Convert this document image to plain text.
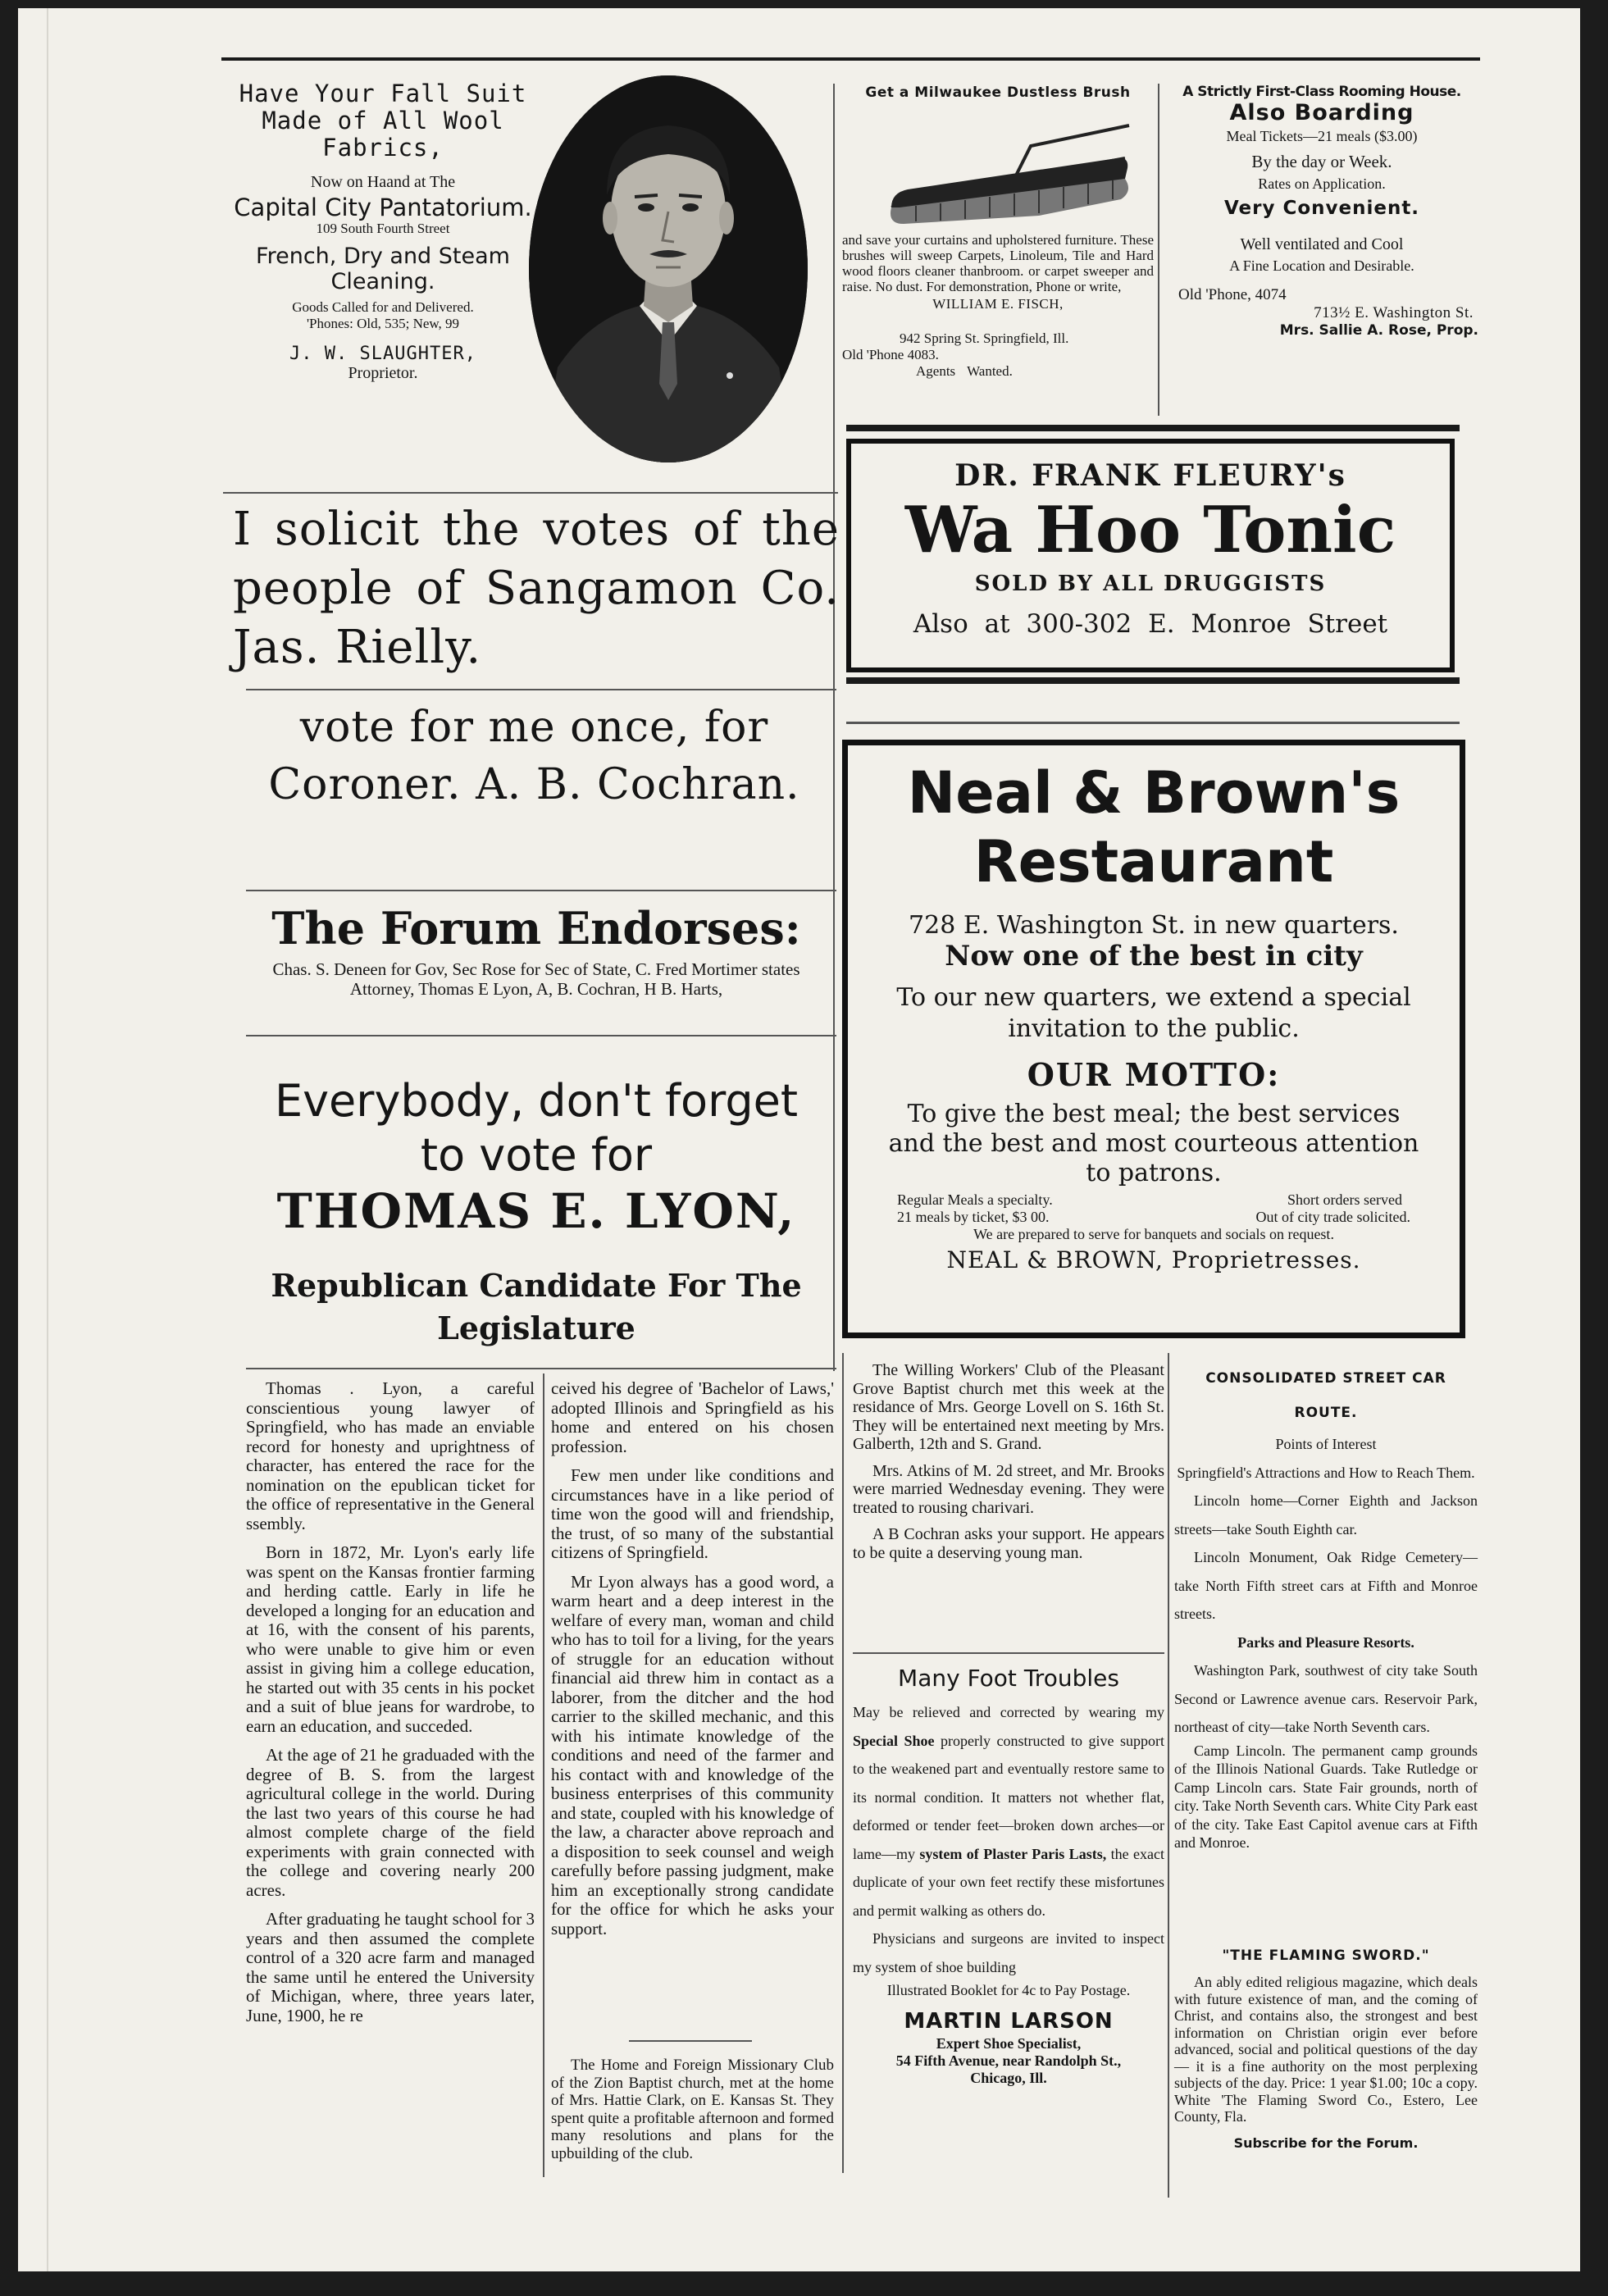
Have Your Fall Suit Made of All Wool Fabrics,
Now on Haand at The
Capital City Pantatorium.
109 South Fourth Street
French, Dry and Steam Cleaning.
Goods Called for and Delivered.
'Phones: Old, 535; New, 99
J. W. SLAUGHTER,
Proprietor.
Get a Milwaukee Dustless Brush
and save your curtains and upholstered furniture. These brushes will sweep Carpets, Linoleum, Tile and Hard wood floors cleaner thanbroom. or carpet sweeper and raise. No dust. For demonstration, Phone or write,
WILLIAM E. FISCH,
942 Spring St. Springfield, Ill.
Old 'Phone 4083.
Agents Wanted.
A Strictly First-Class Rooming House.
Also Boarding
Meal Tickets—21 meals ($3.00)
By the day or Week.
Rates on Application.
Very Convenient.
Well ventilated and Cool
A Fine Location and Desirable.
Old 'Phone, 4074
713½ E. Washington St.
Mrs. Sallie A. Rose, Prop.
I solicit the votes of the people of Sangamon Co. Jas. Rielly.
DR. FRANK FLEURY's
Wa Hoo Tonic
SOLD BY ALL DRUGGISTS
Also at 300-302 E. Monroe Street
vote for me once, for Coroner. A. B. Cochran.
The Forum Endorses:
Chas. S. Deneen for Gov, Sec Rose for Sec of State, C. Fred Mortimer states Attorney, Thomas E Lyon, A, B. Cochran, H B. Harts,
Neal & Brown's
Restaurant
728 E. Washington St. in new quarters.
Now one of the best in city
To our new quarters, we extend a special invitation to the public.
OUR MOTTO:
To give the best meal; the best services and the best and most courteous attention to patrons.
Regular Meals a specialty.	Short orders served
21 meals by ticket, $3 00.	Out of city trade solicited.
We are prepared to serve for banquets and socials on request.
NEAL & BROWN, Proprietresses.
Everybody, don't forget to vote for
THOMAS E. LYON,
Republican Candidate For The Legislature

Thomas . Lyon, a careful conscientious young lawyer of Springfield, who has made an enviable record for honesty and uprightness of character, has entered the race for the nomination on the epublican ticket for the office of representative in the General ssembly.

Born in 1872, Mr. Lyon's early life was spent on the Kansas frontier farming and herding cattle. Early in life he developed a longing for an education and at 16, with the consent of his parents, who were unable to give him or even assist in giving him a college education, he started out with 35 cents in his pocket and a suit of blue jeans for wardrobe, to earn an education, and succeded.

At the age of 21 he graduaded with the degree of B. S. from the largest agricultural college in the world. During the last two years of this course he had almost complete charge of the field experiments with grain connected with the college and covering nearly 200 acres.

After graduating he taught school for 3 years and then assumed the complete control of a 320 acre farm and managed the same until he entered the University of Michigan, where, three years later, June, 1900, he re

ceived his degree of 'Bachelor of Laws,' adopted Illinois and Springfield as his home and entered on his chosen profession.

Few men under like conditions and circumstances have in a like period of time won the good will and friendship, the trust, of so many of the substantial citizens of Springfield.

Mr Lyon always has a good word, a warm heart and a deep interest in the welfare of every man, woman and child who has to toil for a living, for the years of struggle for an education without financial aid threw him in contact as a laborer, from the ditcher and the hod carrier to the skilled mechanic, and this with his intimate knowledge of the conditions and need of the farmer and his contact with and knowledge of the business enterprises of this community and state, coupled with his knowledge of the law, a character above reproach and a disposition to seek counsel and weigh carefully before passing judgment, make him an exceptionally strong candidate for the office for which he asks your support.

The Home and Foreign Missionary Club of the Zion Baptist church, met at the home of Mrs. Hattie Clark, on E. Kansas St. They spent quite a profitable afternoon and formed many resolutions and plans for the upbuilding of the club.

The Willing Workers' Club of the Pleasant Grove Baptist church met this week at the residance of Mrs. George Lovell on S. 16th St. They will be entertained next meeting by Mrs. Galberth, 12th and S. Grand.

Mrs. Atkins of M. 2d street, and Mr. Brooks were married Wednesday evening. They were treated to rousing charivari.

A B Cochran asks your support. He appears to be quite a deserving young man.

Many Foot Troubles
May be relieved and corrected by wearing my Special Shoe properly constructed to give support to the weakened part and eventually restore same to its normal condition. It matters not whether flat, deformed or tender feet—broken down arches—or lame—my system of Plaster Paris Lasts, the exact duplicate of your own feet rectify these misfortunes and permit walking as others do.
Physicians and surgeons are invited to inspect my system of shoe building
Illustrated Booklet for 4c to Pay Postage.
MARTIN LARSON
Expert Shoe Specialist,
54 Fifth Avenue, near Randolph St.,
Chicago, Ill.
CONSOLIDATED STREET CAR ROUTE.
Points of Interest
Springfield's Attractions and How to Reach Them.

Lincoln home—Corner Eighth and Jackson streets—take South Eighth car.

Lincoln Monument, Oak Ridge Cemetery—take North Fifth street cars at Fifth and Monroe streets.

Parks and Pleasure Resorts.

Washington Park, southwest of city take South Second or Lawrence avenue cars. Reservoir Park, northeast of city—take North Seventh cars.

Camp Lincoln. The permanent camp grounds of the Illinois National Guards. Take Rutledge or Camp Lincoln cars. State Fair grounds, north of city. Take North Seventh cars. White City Park east of the city. Take East Capitol avenue cars at Fifth and Monroe.

"THE FLAMING SWORD."
An ably edited religious magazine, which deals with future existence of man, and the coming of Christ, and contains also, the strongest and best information on Christian origin ever before advanced, social and political questions of the day — it is a fine authority on the most perplexing subjects of the day. Price: 1 year $1.00; 10c a copy. White 'The Flaming Sword Co., Estero, Lee County, Fla.
Subscribe for the Forum.
